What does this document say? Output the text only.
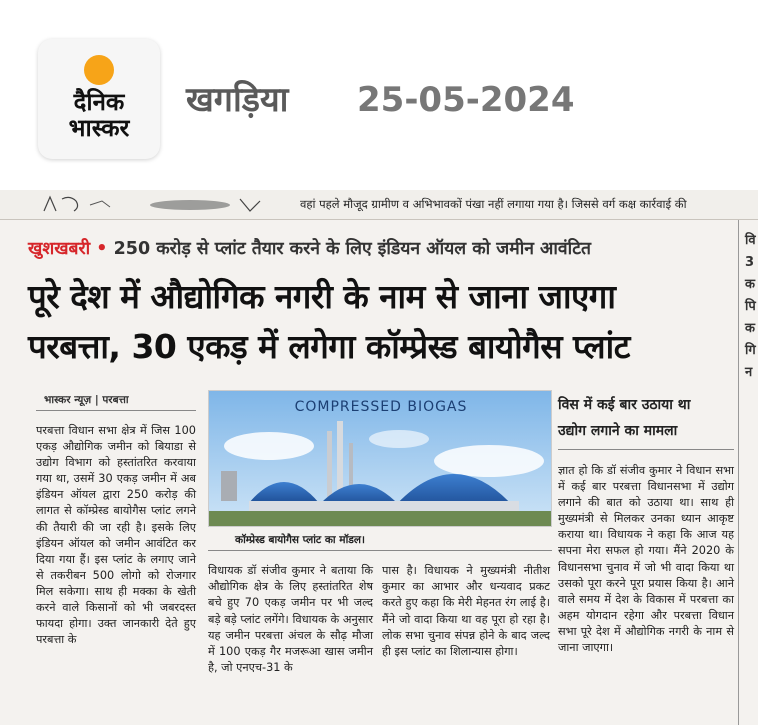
दैनिक
भास्कर
खगड़िया 25-05-2024
वहां पहले मौजूद ग्रामीण व अभिभावकों पंखा नहीं लगाया गया है। जिससे वर्ग कक्ष कार्रवाई की
खुशखबरी • 250 करोड़ से प्लांट तैयार करने के लिए इंडियन ऑयल को जमीन आवंटित
पूरे देश में औद्योगिक नगरी के नाम से जाना जाएगा
परबत्ता, 30 एकड़ में लगेगा कॉम्प्रेस्ड बायोगैस प्लांट
भास्कर न्यूज़ | परबत्ता
परबत्ता विधान सभा क्षेत्र में जिस 100 एकड़ औद्योगिक जमीन को बियाडा से उद्योग विभाग को हस्तांतरित करवाया गया था, उसमें 30 एकड़ जमीन में अब इंडियन ऑयल द्वारा 250 करोड़ की लागत से कॉम्प्रेस्ड बायोगैस प्लांट लगने की तैयारी की जा रही है। इसके लिए इंडियन ऑयल को जमीन आवंटित कर दिया गया हैं। इस प्लांट के लगाए जाने से तकरीबन 500 लोगो को रोजगार मिल सकेगा। साथ ही मक्का के खेती करने वाले किसानों को भी जबरदस्त फायदा होगा। उक्त जानकारी देते हुए परबत्ता के
COMPRESSED BIOGAS
कॉम्प्रेस्ड बायोगैस प्लांट का मॉडल।
विधायक डॉ संजीव कुमार ने बताया कि औद्योगिक क्षेत्र के लिए हस्तांतरित शेष बचे हुए 70 एकड़ जमीन पर भी जल्द बड़े बड़े प्लांट लगेंगे। विधायक के अनुसार यह जमीन परबत्ता अंचल के सौढ़ मौजा में 100 एकड़ गैर मजरूआ खास जमीन है, जो एनएच-31 के
पास है। विधायक ने मुख्यमंत्री नीतीश कुमार का आभार और धन्यवाद प्रकट करते हुए कहा कि मेरी मेहनत रंग लाई है। मैंने जो वादा किया था वह पूरा हो रहा है। लोक सभा चुनाव संपन्न होने के बाद जल्द ही इस प्लांट का शिलान्यास होगा।
विस में कई बार उठाया था
उद्योग लगाने का मामला
ज्ञात हो कि डॉ संजीव कुमार ने विधान सभा में कई बार परबत्ता विधानसभा में उद्योग लगाने की बात को उठाया था। साथ ही मुख्यमंत्री से मिलकर उनका ध्यान आकृष्ट कराया था। विधायक ने कहा कि आज यह सपना मेरा सफल हो गया। मैंने 2020 के विधानसभा चुनाव में जो भी वादा किया था उसको पूरा करने पूरा प्रयास किया है। आने वाले समय में देश के विकास में परबत्ता का अहम योगदान रहेगा और परबत्ता विधान सभा पूरे देश में औद्योगिक नगरी के नाम से जाना जाएगा।
वि
3
क
पि
क
गि
न
